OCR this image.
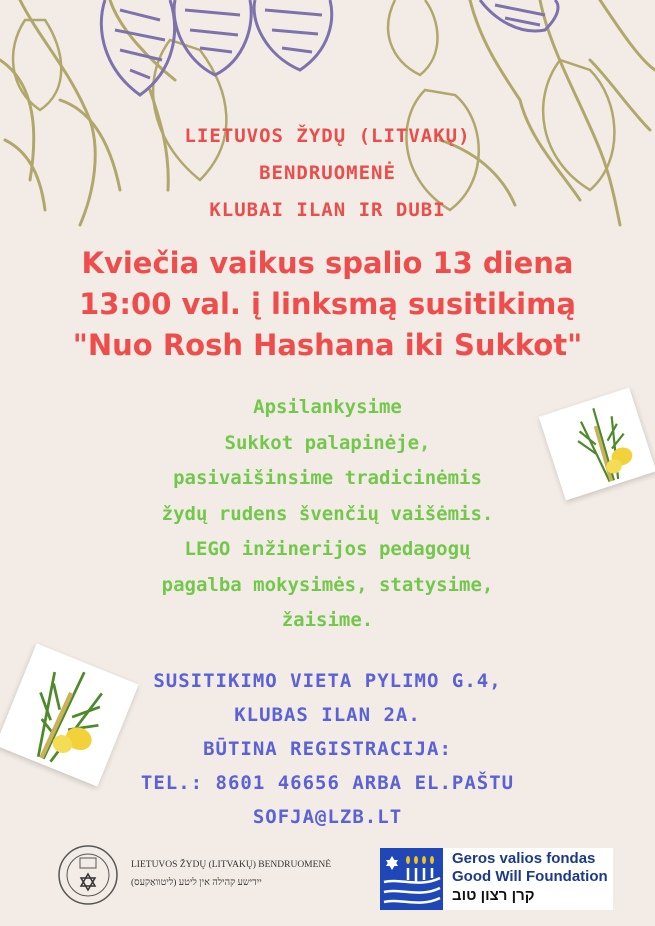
LIETUVOS ŽYDŲ (LITVAKŲ)
BENDRUOMENĖ
KLUBAI ILAN IR DUBI
Kviečia vaikus spalio 13 diena
13:00 val. į linksmą susitikimą
"Nuo Rosh Hashana iki Sukkot"
Apsilankysime
Sukkot palapinėje,
pasivaišinsime tradicinėmis
žydų rudens švenčių vaišėmis.
LEGO inžinerijos pedagogų
pagalba mokysimės, statysime,
žaisime.
SUSITIKIMO VIETA PYLIMO G.4,
KLUBAS ILAN 2A.
BŪTINA REGISTRACIJA:
TEL.: 8601 46656 ARBA EL.PAŠTU
SOFJA@LZB.LT
LIETUVOS ŽYDŲ (LITVAKŲ) BENDRUOMENĖ
ייִדישע קהילה אין ליטע (ליטוואַקעס)
Geros valios fondas
Good Will Foundation
קרן רצון טוב
